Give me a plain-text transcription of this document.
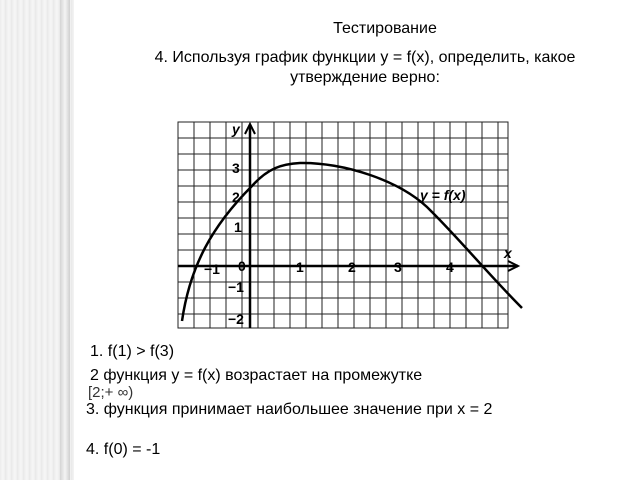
Тестирование
4. Используя график функции у = f(x), определить, какое утверждение верно:
y
x
y = f(x)
−1 0	1	2	3	4
3
2
1
−1
−2
1. f(1) > f(3)
2 функция у = f(x) возрастает на промежутке
[2;+ ∞)
3. функция принимает наибольшее значение при x = 2
4. f(0) = -1
